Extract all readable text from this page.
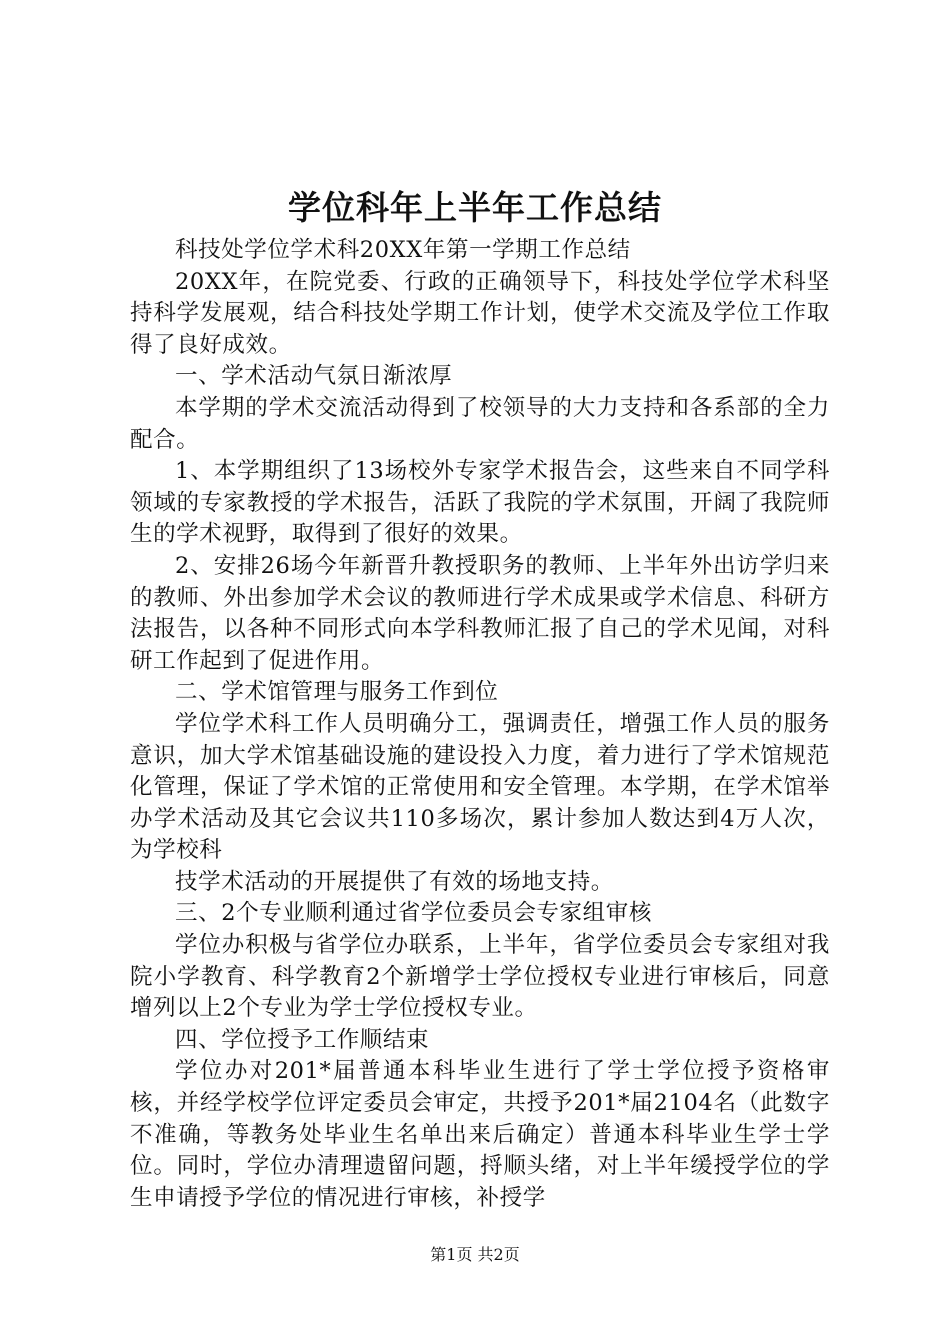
学位科年上半年工作总结

科技处学位学术科20XX年第一学期工作总结

20XX年，在院党委、行政的正确领导下，科技处学位学术科坚持科学发展观，结合科技处学期工作计划，使学术交流及学位工作取得了良好成效。

一、学术活动气氛日渐浓厚

本学期的学术交流活动得到了校领导的大力支持和各系部的全力配合。

1、本学期组织了13场校外专家学术报告会，这些来自不同学科领域的专家教授的学术报告，活跃了我院的学术氛围，开阔了我院师生的学术视野，取得到了很好的效果。

2、安排26场今年新晋升教授职务的教师、上半年外出访学归来的教师、外出参加学术会议的教师进行学术成果或学术信息、科研方法报告，以各种不同形式向本学科教师汇报了自己的学术见闻，对科研工作起到了促进作用。

二、学术馆管理与服务工作到位

学位学术科工作人员明确分工，强调责任，增强工作人员的服务意识，加大学术馆基础设施的建设投入力度，着力进行了学术馆规范化管理，保证了学术馆的正常使用和安全管理。本学期，在学术馆举办学术活动及其它会议共110多场次，累计参加人数达到4万人次，为学校科

技学术活动的开展提供了有效的场地支持。

三、2个专业顺利通过省学位委员会专家组审核

学位办积极与省学位办联系，上半年，省学位委员会专家组对我院小学教育、科学教育2个新增学士学位授权专业进行审核后，同意增列以上2个专业为学士学位授权专业。

四、学位授予工作顺结束

学位办对201*届普通本科毕业生进行了学士学位授予资格审核，并经学校学位评定委员会审定，共授予201*届2104名（此数字不准确，等教务处毕业生名单出来后确定）普通本科毕业生学士学位。同时，学位办清理遗留问题，捋顺头绪，对上半年缓授学位的学生申请授予学位的情况进行审核，补授学

第1页 共2页
